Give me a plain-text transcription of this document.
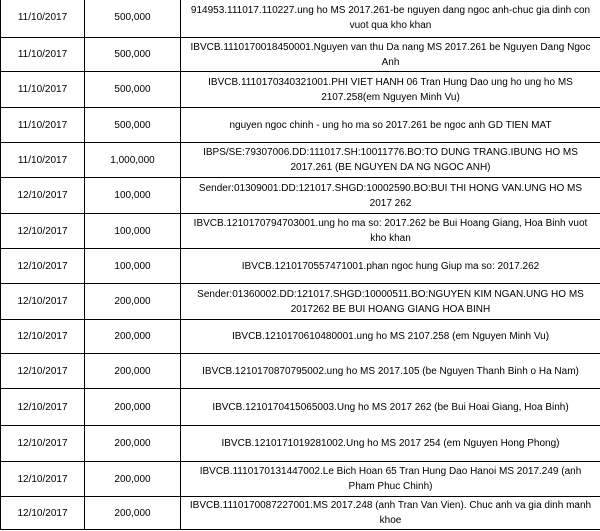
11/10/2017	500,000	914953.111017.110227.ung ho MS 2017.261-be nguyen dang ngoc anh-chuc gia dinh con vuot qua kho khan
11/10/2017	500,000	IBVCB.1110170018450001.Nguyen van thu Da nang MS 2017.261 be Nguyen Dang Ngoc Anh
11/10/2017	500,000	IBVCB.1110170340321001.PHI VIET HANH 06 Tran Hung Dao ung ho ung ho MS 2107.258(em Nguyen Minh Vu)
11/10/2017	500,000	nguyen ngoc chinh - ung ho ma so 2017.261 be ngoc anh GD TIEN MAT
11/10/2017	1,000,000	IBPS/SE:79307006.DD:111017.SH:10011776.BO:TO DUNG TRANG.IBUNG HO MS 2017.261 (BE NGUYEN DA NG NGOC ANH)
12/10/2017	100,000	Sender:01309001.DD:121017.SHGD:10002590.BO:BUI THI HONG VAN.UNG HO MS 2017 262
12/10/2017	100,000	IBVCB.1210170794703001.ung ho ma so: 2017.262 be Bui Hoang Giang, Hoa Binh vuot kho khan
12/10/2017	100,000	IBVCB.1210170557471001.phan ngoc hung Giup ma so: 2017.262
12/10/2017	200,000	Sender:01360002.DD:121017.SHGD:10000511.BO:NGUYEN KIM NGAN.UNG HO MS 2017262 BE BUI HOANG GIANG HOA BINH
12/10/2017	200,000	IBVCB.1210170610480001.ung ho MS 2107.258 (em Nguyen Minh Vu)
12/10/2017	200,000	IBVCB.1210170870795002.ung ho MS 2017.105 (be Nguyen Thanh Binh o Ha Nam)
12/10/2017	200,000	IBVCB.1210170415065003.Ung ho MS 2017 262 (be Bui Hoai Giang, Hoa Binh)
12/10/2017	200,000	IBVCB.1210171019281002.Ung ho MS 2017 254 (em Nguyen Hong Phong)
12/10/2017	200,000	IBVCB.1110170131447002.Le Bich Hoan 65 Tran Hung Dao Hanoi MS 2017.249 (anh Pham Phuc Chinh)
12/10/2017	200,000	IBVCB.1110170087227001.MS 2017.248 (anh Tran Van Vien). Chuc anh va gia dinh manh khoe
